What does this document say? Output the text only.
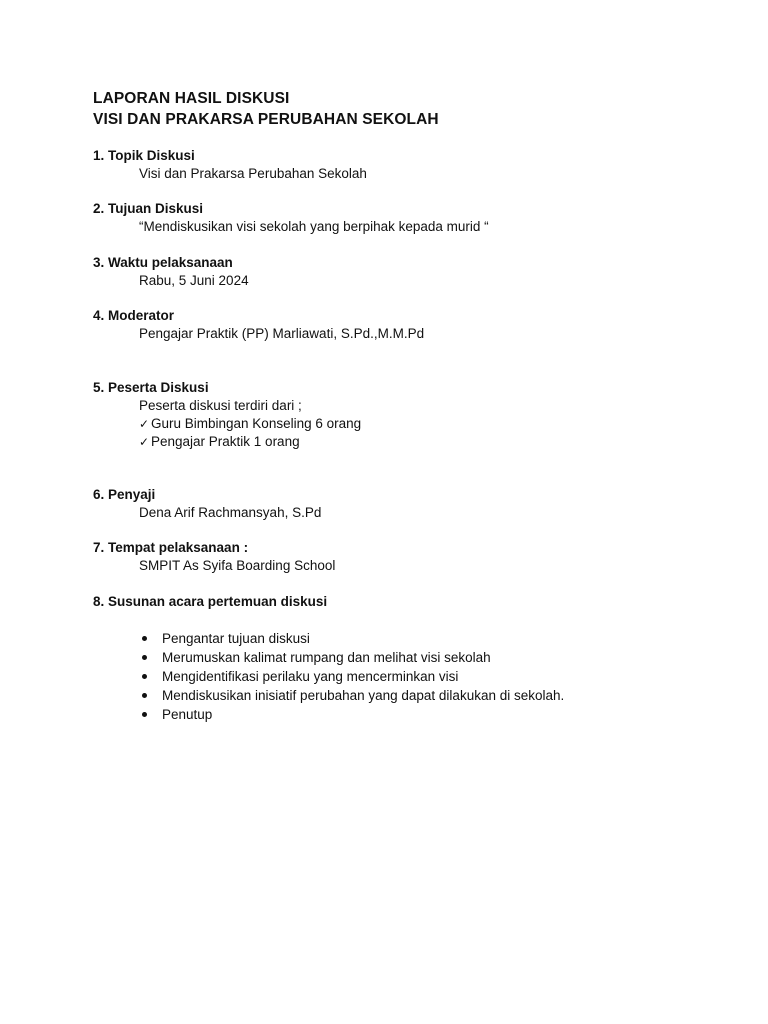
LAPORAN HASIL DISKUSI
VISI DAN PRAKARSA PERUBAHAN SEKOLAH
1. Topik Diskusi
Visi dan Prakarsa Perubahan Sekolah
2. Tujuan Diskusi
“Mendiskusikan visi sekolah yang berpihak kepada murid “
3. Waktu pelaksanaan
Rabu, 5 Juni 2024
4. Moderator
Pengajar Praktik (PP) Marliawati, S.Pd.,M.M.Pd
5. Peserta Diskusi
Peserta diskusi terdiri dari ;
✓ Guru Bimbingan Konseling 6 orang
✓ Pengajar Praktik 1 orang
6. Penyaji
Dena Arif Rachmansyah, S.Pd
7. Tempat pelaksanaan :
SMPIT As Syifa Boarding School
8. Susunan acara pertemuan diskusi
Pengantar tujuan diskusi
Merumuskan kalimat rumpang dan melihat visi sekolah
Mengidentifikasi perilaku yang mencerminkan visi
Mendiskusikan inisiatif perubahan yang dapat dilakukan di sekolah.
Penutup
